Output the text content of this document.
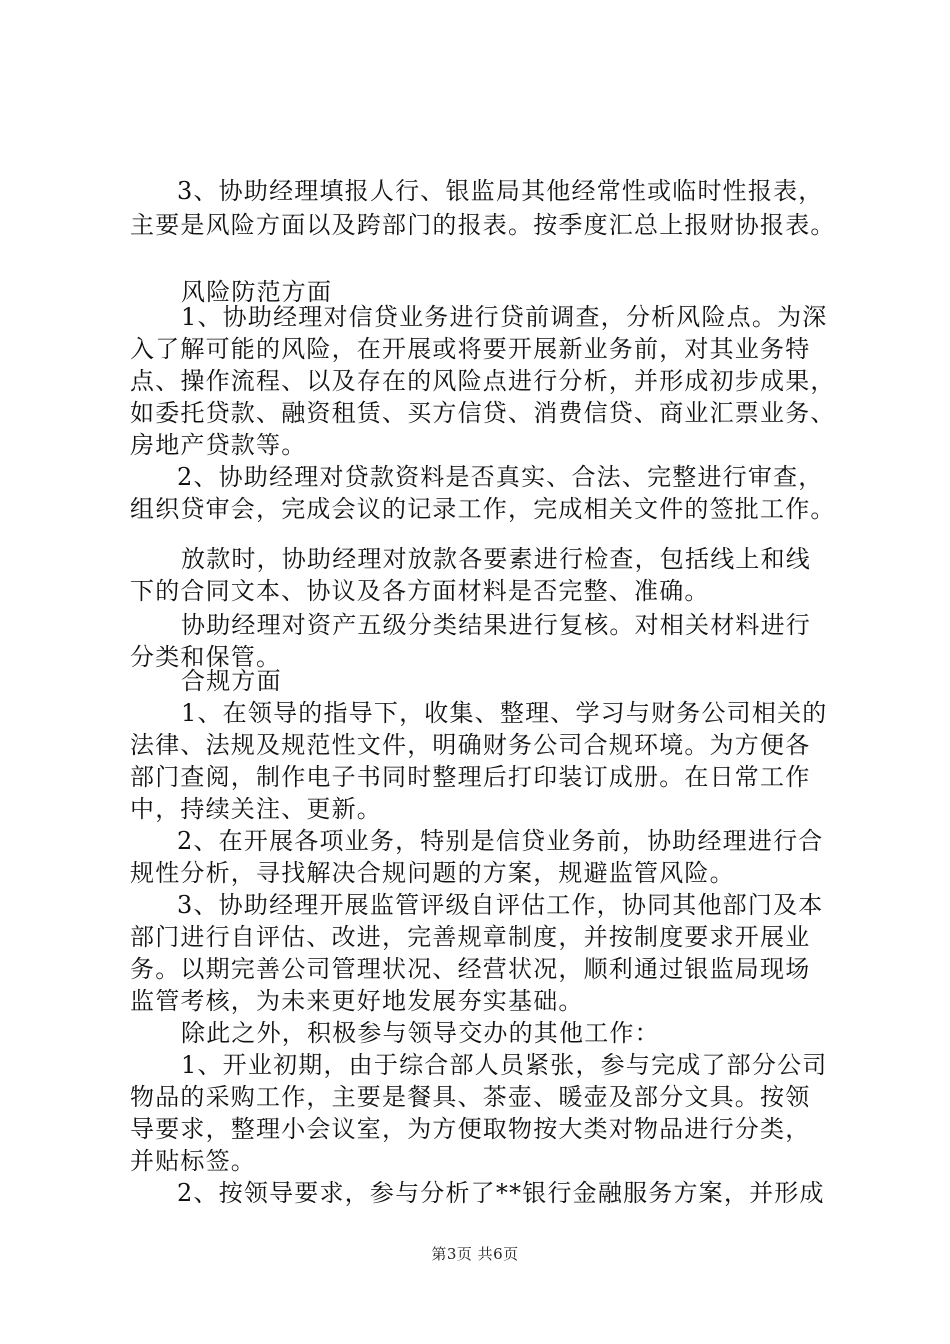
3、协助经理填报人行、银监局其他经常性或临时性报表，
主要是风险方面以及跨部门的报表。按季度汇总上报财协报表。
风险防范方面
1、协助经理对信贷业务进行贷前调查，分析风险点。为深
入了解可能的风险，在开展或将要开展新业务前，对其业务特
点、操作流程、以及存在的风险点进行分析，并形成初步成果，
如委托贷款、融资租赁、买方信贷、消费信贷、商业汇票业务、
房地产贷款等。
2、协助经理对贷款资料是否真实、合法、完整进行审查，
组织贷审会，完成会议的记录工作，完成相关文件的签批工作。
放款时，协助经理对放款各要素进行检查，包括线上和线
下的合同文本、协议及各方面材料是否完整、准确。
协助经理对资产五级分类结果进行复核。对相关材料进行
分类和保管。
合规方面
1、在领导的指导下，收集、整理、学习与财务公司相关的
法律、法规及规范性文件，明确财务公司合规环境。为方便各
部门查阅，制作电子书同时整理后打印装订成册。在日常工作
中，持续关注、更新。
2、在开展各项业务，特别是信贷业务前，协助经理进行合
规性分析，寻找解决合规问题的方案，规避监管风险。
3、协助经理开展监管评级自评估工作，协同其他部门及本
部门进行自评估、改进，完善规章制度，并按制度要求开展业
务。以期完善公司管理状况、经营状况，顺利通过银监局现场
监管考核，为未来更好地发展夯实基础。
除此之外，积极参与领导交办的其他工作：
1、开业初期，由于综合部人员紧张，参与完成了部分公司
物品的采购工作，主要是餐具、茶壶、暖壶及部分文具。按领
导要求，整理小会议室，为方便取物按大类对物品进行分类，
并贴标签。
2、按领导要求，参与分析了**银行金融服务方案，并形成
第3页 共6页
